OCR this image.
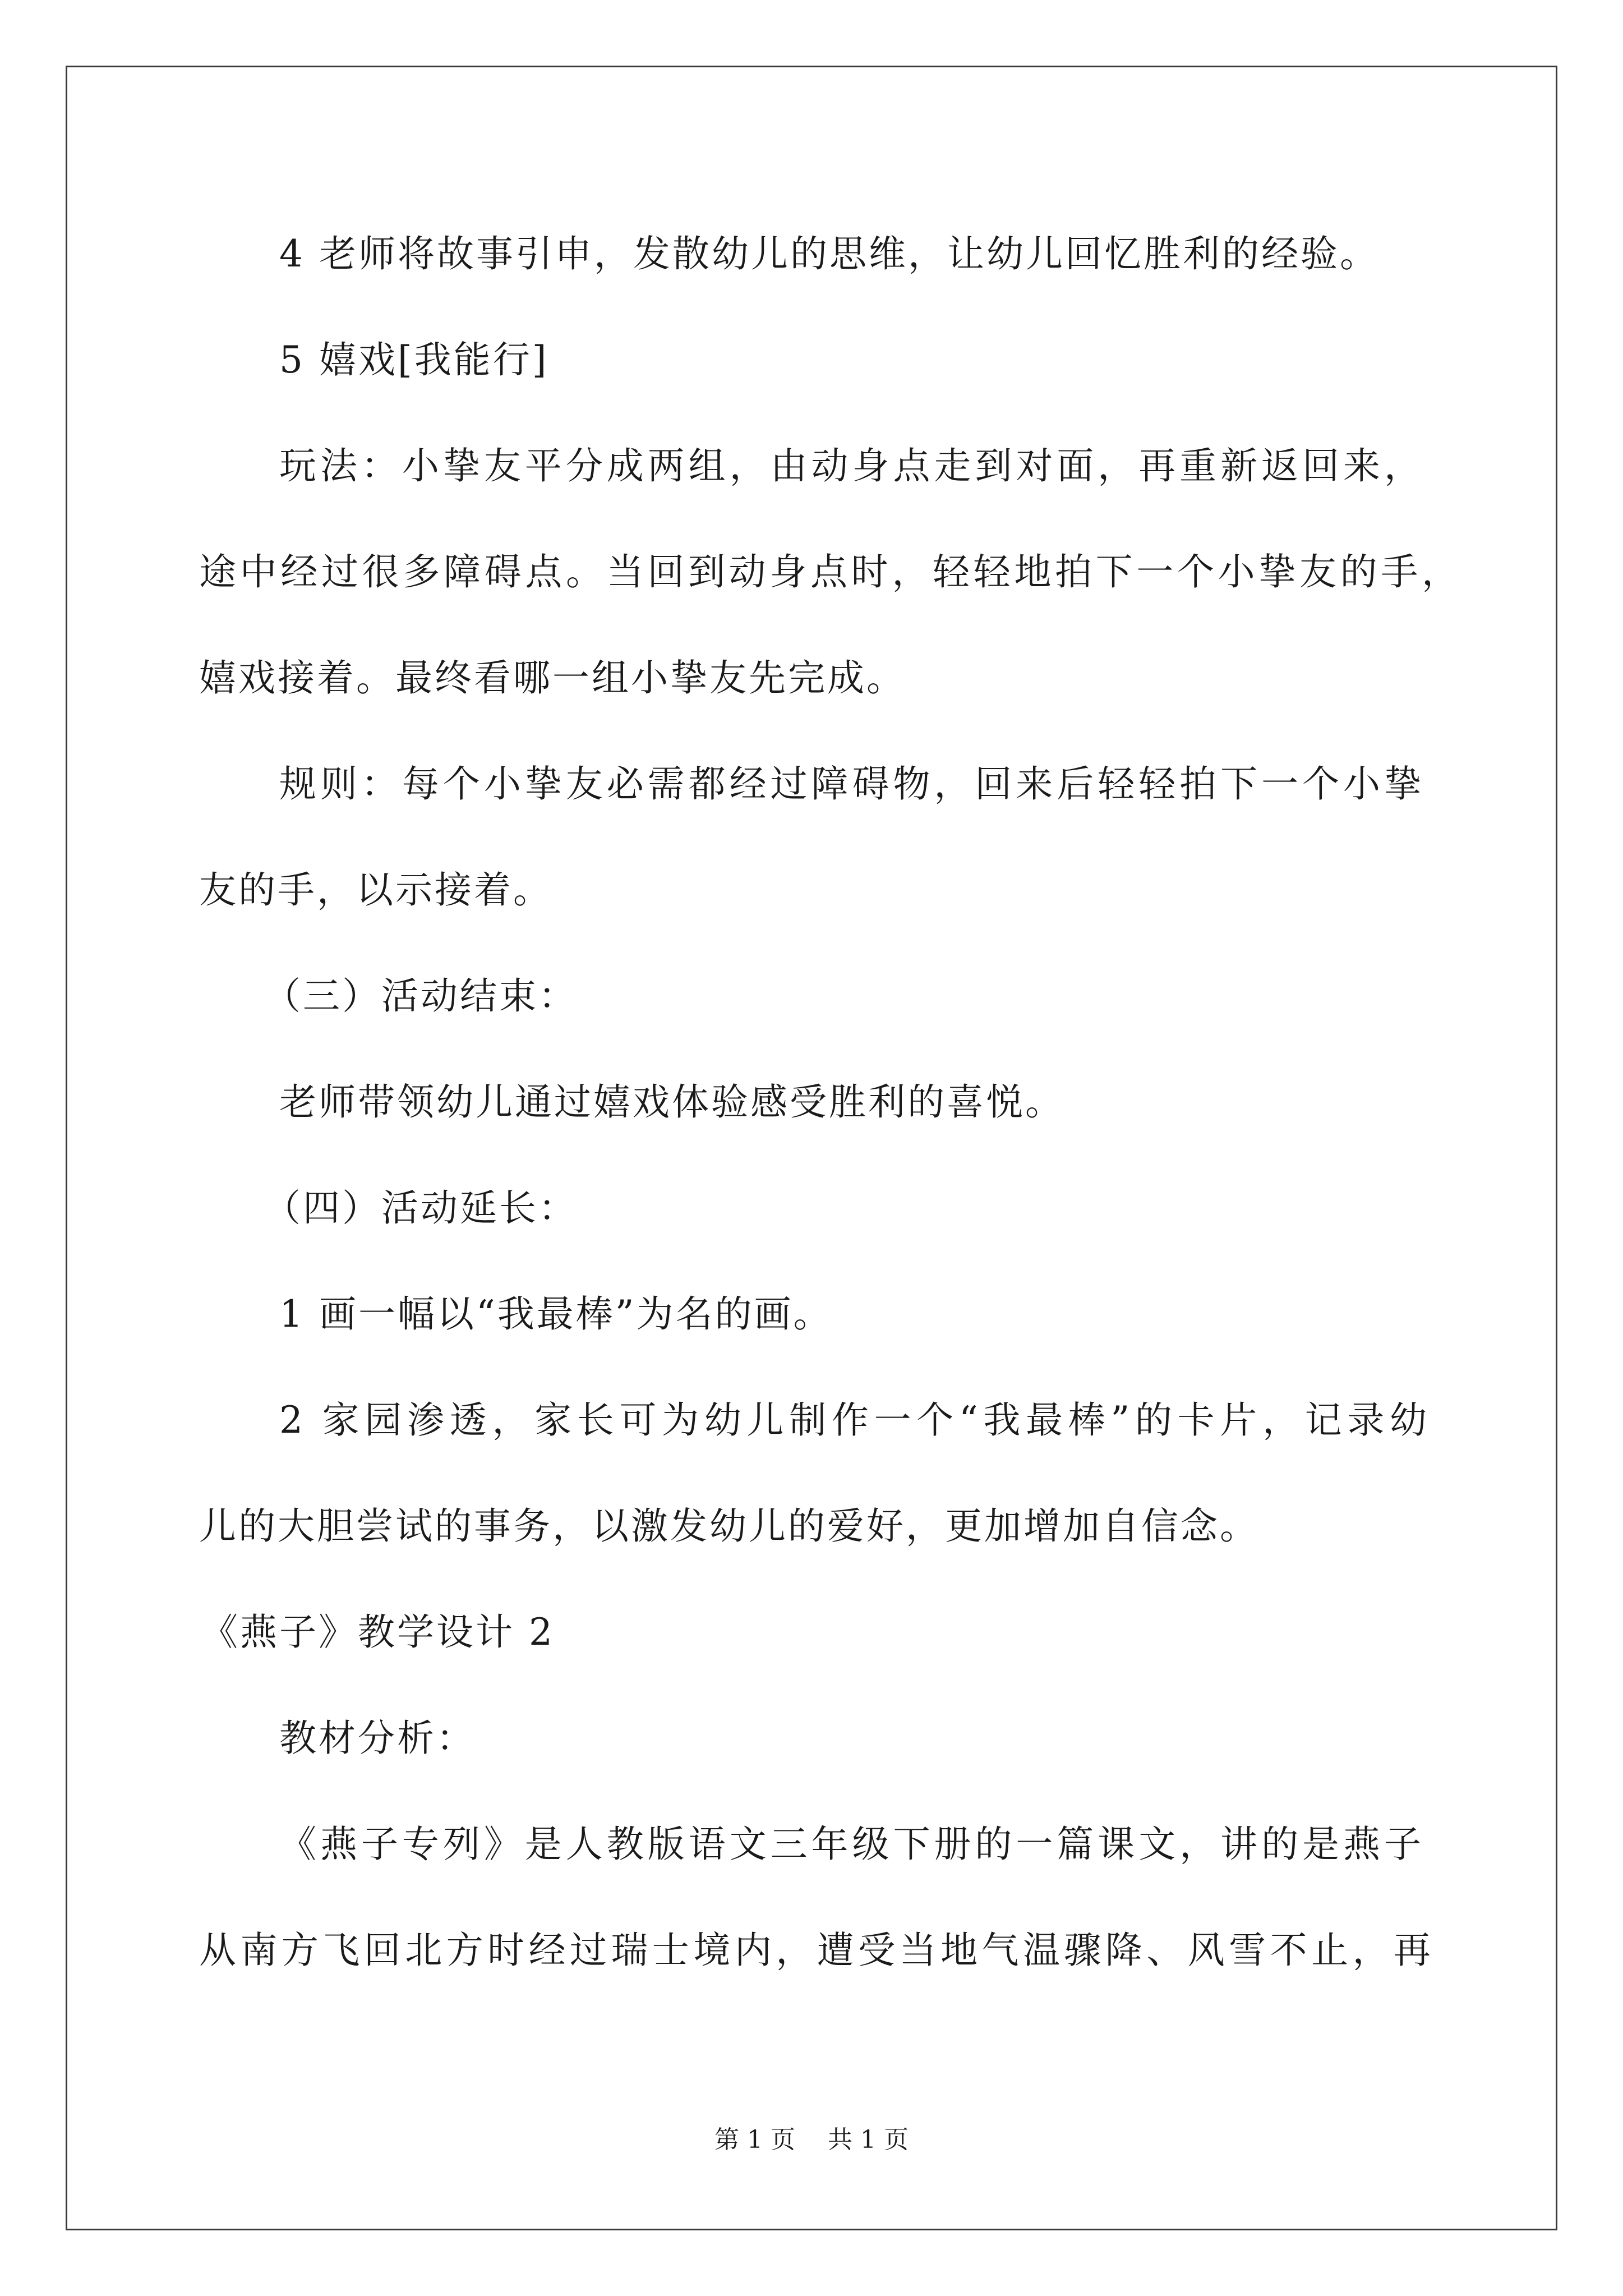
4 老师将故事引申，发散幼儿的思维，让幼儿回忆胜利的经验。
5 嬉戏[我能行]
玩法：小挚友平分成两组，由动身点走到对面，再重新返回来，
途中经过很多障碍点。当回到动身点时，轻轻地拍下一个小挚友的手，
嬉戏接着。最终看哪一组小挚友先完成。
规则：每个小挚友必需都经过障碍物，回来后轻轻拍下一个小挚
友的手，以示接着。
（三）活动结束：
老师带领幼儿通过嬉戏体验感受胜利的喜悦。
（四）活动延长：
1 画一幅以“我最棒”为名的画。
2 家园渗透，家长可为幼儿制作一个“我最棒”的卡片，记录幼
儿的大胆尝试的事务，以激发幼儿的爱好，更加增加自信念。
《燕子》教学设计 2
教材分析：
《燕子专列》是人教版语文三年级下册的一篇课文，讲的是燕子
从南方飞回北方时经过瑞士境内，遭受当地气温骤降、风雪不止，再
第 1 页 共 1 页
